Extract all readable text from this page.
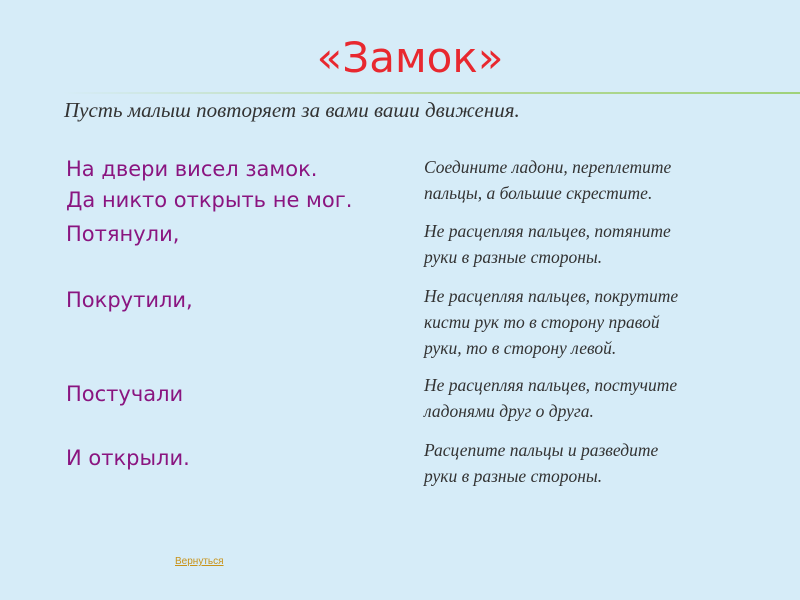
«Замок»
Пусть малыш повторяет за вами ваши движения.
На двери висел замок.
Да никто открыть не мог.
Потянули,
Покрутили,
Постучали
И открыли.
Соедините ладони, переплетите
пальцы, а большие скрестите.
Не расцепляя пальцев, потяните
руки в разные стороны.
Не расцепляя пальцев, покрутите
кисти рук то в сторону правой
руки, то в сторону левой.
Не расцепляя пальцев, постучите
ладонями друг о друга.
Расцепите пальцы и разведите
руки в разные стороны.
Вернуться
